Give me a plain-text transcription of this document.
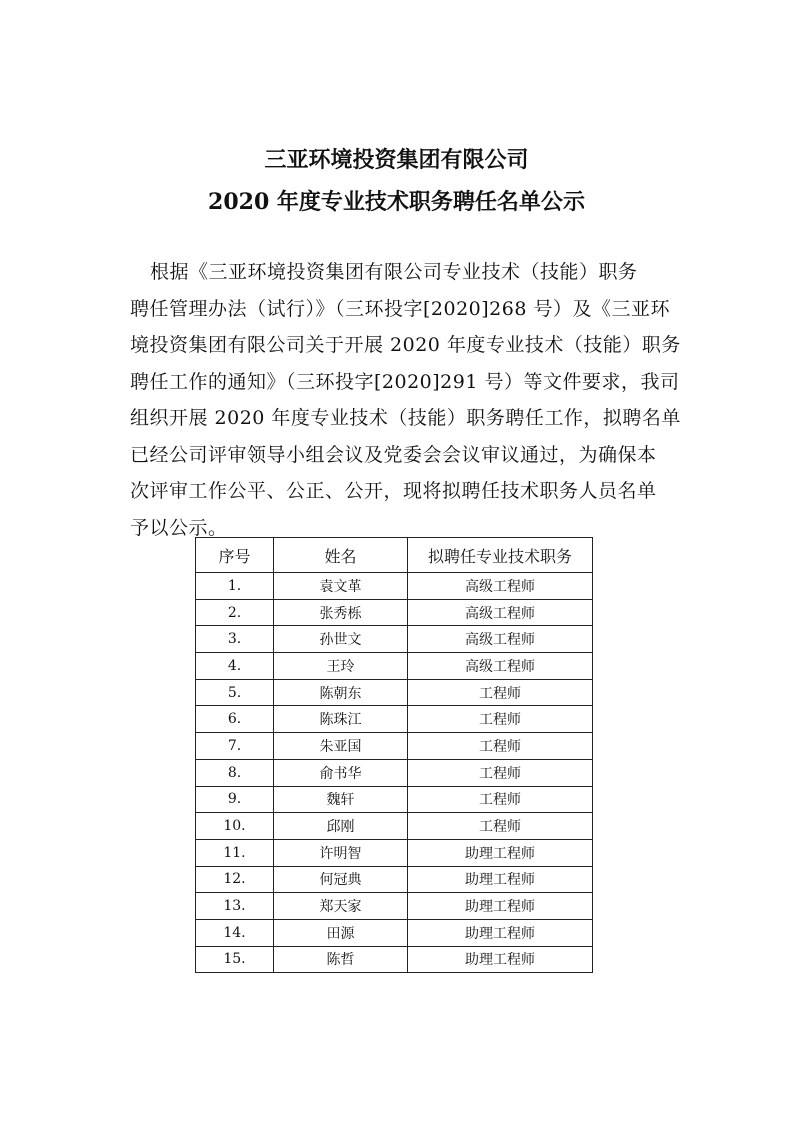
三亚环境投资集团有限公司
2020 年度专业技术职务聘任名单公示
根据《三亚环境投资集团有限公司专业技术（技能）职务
聘任管理办法（试行）》（三环投字[2020]268 号）及《三亚环
境投资集团有限公司关于开展 2020 年度专业技术（技能）职务
聘任工作的通知》（三环投字[2020]291 号）等文件要求，我司
组织开展 2020 年度专业技术（技能）职务聘任工作，拟聘名单
已经公司评审领导小组会议及党委会会议审议通过，为确保本
次评审工作公平、公正、公开，现将拟聘任技术职务人员名单
予以公示。
序号	姓名	拟聘任专业技术职务
1.	袁文革	高级工程师
2.	张秀栎	高级工程师
3.	孙世文	高级工程师
4.	王玲	高级工程师
5.	陈朝东	工程师
6.	陈珠江	工程师
7.	朱亚国	工程师
8.	俞书华	工程师
9.	魏轩	工程师
10.	邱刚	工程师
11.	许明智	助理工程师
12.	何冠典	助理工程师
13.	郑天家	助理工程师
14.	田源	助理工程师
15.	陈哲	助理工程师
